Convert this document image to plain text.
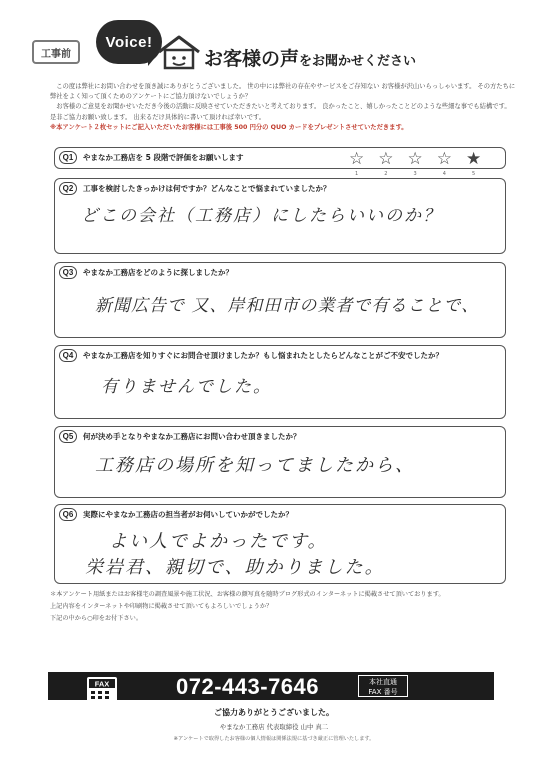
工事前
Voice!
お客様の声をお聞かせください

この度は弊社にお問い合わせを頂き誠にありがとうございました。 世の中には弊社の存在やサービスをご存知ない お客様が沢山いらっしゃいます。 その方たちに弊社をよく知って頂くためのアンケートにご協力頂けないでしょうか？

お客様のご意見をお聞かせいただき今後の活動に反映させていただきたいと考えております。 良かったこと、嬉しかったことどのような些細な事でも結構です。 是非ご協力お願い致します。 出来るだけ具体的に書いて頂ければ幸いです。

※本アンケート２枚セットにご記入いただいたお客様には工事後 500 円分の QUO カードをプレゼントさせていただきます。

Q1	やまなか工務店を 5 段階で評価をお願いします	☆
1
☆
2
☆
3
☆
4
★
5
Q2	工事を検討したきっかけは何ですか？どんなことで悩まれていましたか？
どこの会社（工務店）にしたらいいのか？
Q3	やまなか工務店をどのように探しましたか？
新聞広告で 又、岸和田市の業者で有ることで、
Q4	やまなか工務店を知りすぐにお問合せ頂けましたか？もし悩まれたとしたらどんなことがご不安でしたか？
有りませんでした。
Q5	何が決め手となりやまなか工務店にお問い合わせ頂きましたか？
工務店の場所を知ってましたから、
Q6	実際にやまなか工務店の担当者がお伺いしていかがでしたか？
よい人でよかったです。
栄岩君、親切で、助かりました。
＊本アンケート用紙またはお客様宅の調査風景や施工状況、お客様の顔写真を随時ブログ形式のインターネットに掲載させて頂いております。
上記内容をインターネットや印刷物に掲載させて頂いてもよろしいでしょうか？
下記の中から○印をお付下さい。
FAX	072-443-7646	本社直通
FAX 番号
ご協力ありがとうございました。
やまなか工務店 代表取締役 山中 真二
※アンケートで取得したお客様の個人情報は関係法規に基づき厳正に管理いたします。
